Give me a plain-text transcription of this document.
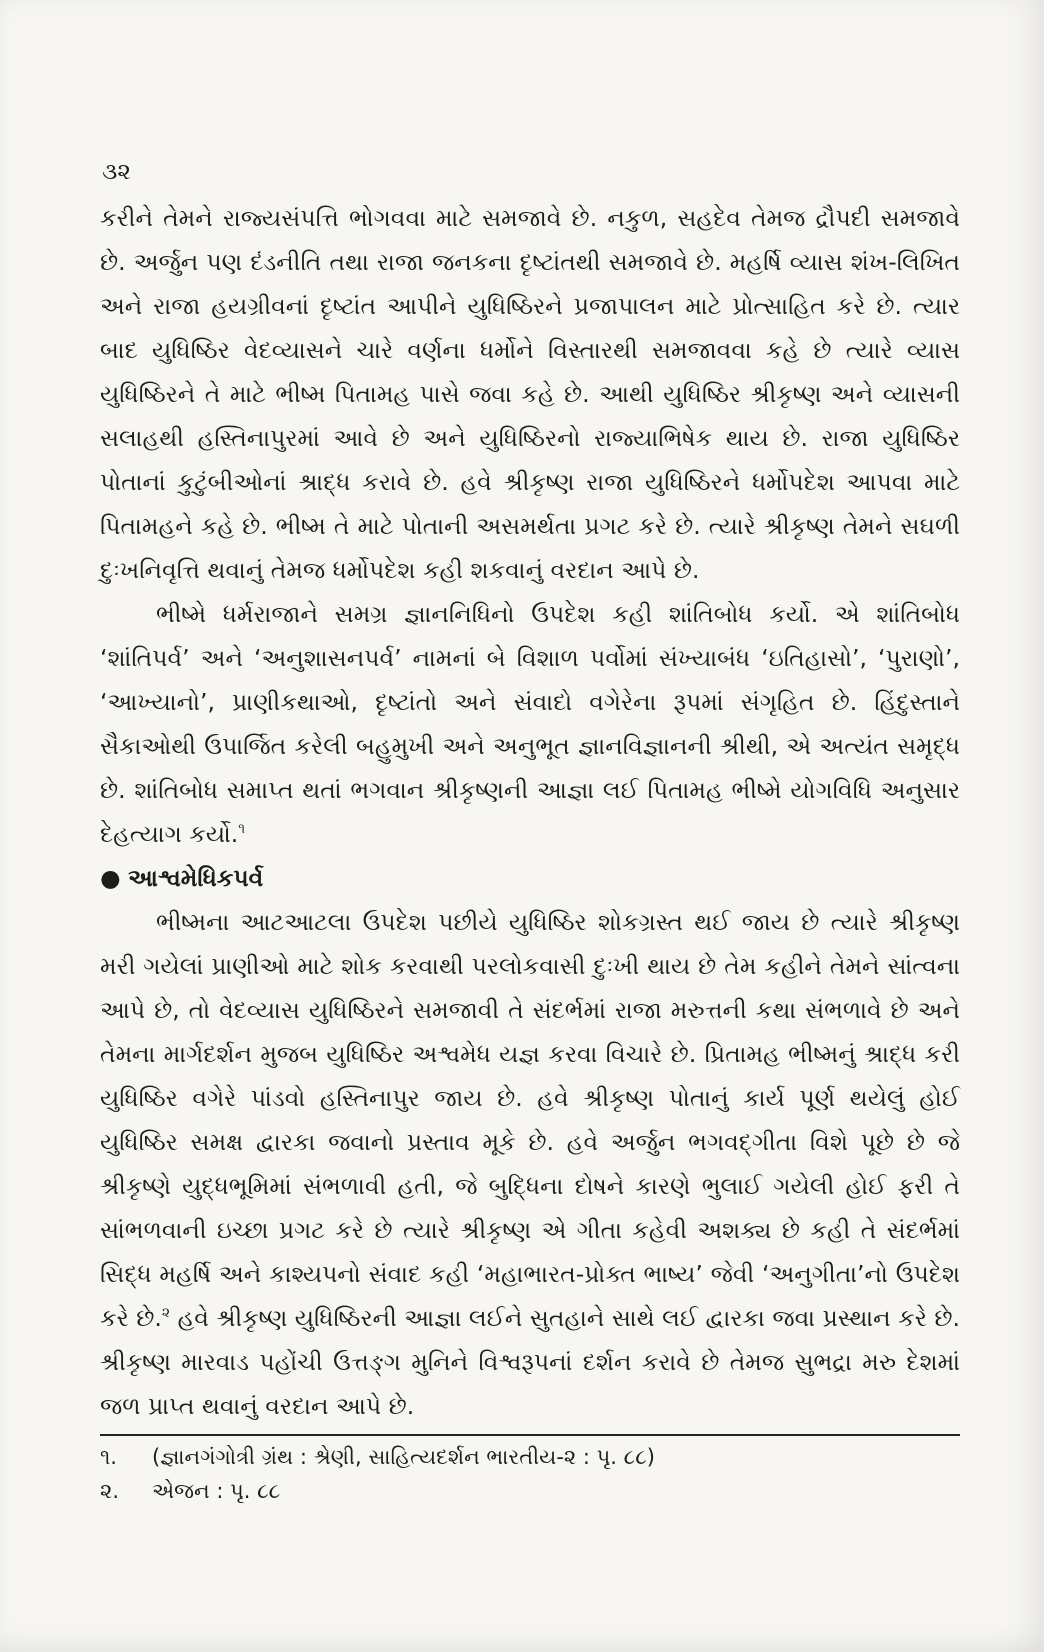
૩૨

કરીને તેમને રાજ્યસંપત્તિ ભોગવવા માટે સમજાવે છે. નકુળ, સહદેવ તેમજ દ્રૌપદી સમજાવે છે. અર્જુન પણ દંડનીતિ તથા રાજા જનકના દૃષ્ટાંતથી સમજાવે છે. મહર્ષિ વ્યાસ શંખ-લિખિત અને રાજા હયગ્રીવનાં દૃષ્ટાંત આપીને યુધિષ્ઠિરને પ્રજાપાલન માટે પ્રોત્સાહિત કરે છે. ત્યાર બાદ યુધિષ્ઠિર વેદવ્યાસને ચારે વર્ણના ધર્મોને વિસ્તારથી સમજાવવા કહે છે ત્યારે વ્યાસ યુધિષ્ઠિરને તે માટે ભીષ્મ પિતામહ પાસે જવા કહે છે. આથી યુધિષ્ઠિર શ્રીકૃષ્ણ અને વ્યાસની સલાહથી હસ્તિનાપુરમાં આવે છે અને યુધિષ્ઠિરનો રાજ્યાભિષેક થાય છે. રાજા યુધિષ્ઠિર પોતાનાં કુટુંબીઓનાં શ્રાદ્ધ કરાવે છે. હવે શ્રીકૃષ્ણ રાજા યુધિષ્ઠિરને ધર્મોપદેશ આપવા માટે પિતામહને કહે છે. ભીષ્મ તે માટે પોતાની અસમર્થતા પ્રગટ કરે છે. ત્યારે શ્રીકૃષ્ણ તેમને સઘળી દુઃખનિવૃત્તિ થવાનું તેમજ ધર્મોપદેશ કહી શકવાનું વરદાન આપે છે.

ભીષ્મે ધર્મરાજાને સમગ્ર જ્ઞાનનિધિનો ઉપદેશ કહી શાંતિબોધ કર્યો. એ શાંતિબોધ ‘શાંતિપર્વ’ અને ‘અનુશાસનપર્વ’ નામનાં બે વિશાળ પર્વોમાં સંખ્યાબંધ ‘ઇતિહાસો’, ‘પુરાણો’, ‘આખ્યાનો’, પ્રાણીકથાઓ, દૃષ્ટાંતો અને સંવાદો વગેરેના રૂપમાં સંગૃહિત છે. હિંદુસ્તાને સૈકાઓથી ઉપાર્જિત કરેલી બહુમુખી અને અનુભૂત જ્ઞાનવિજ્ઞાનની શ્રીથી, એ અત્યંત સમૃદ્ધ છે. શાંતિબોધ સમાપ્ત થતાં ભગવાન શ્રીકૃષ્ણની આજ્ઞા લઈ પિતામહ ભીષ્મે યોગવિધિ અનુસાર દેહત્યાગ કર્યો.$^૧$

● આશ્વમેધિકપર્વ

ભીષ્મના આટઆટલા ઉપદેશ પછીયે યુધિષ્ઠિર શોકગ્રસ્ત થઈ જાય છે ત્યારે શ્રીકૃષ્ણ મરી ગયેલાં પ્રાણીઓ માટે શોક કરવાથી પરલોકવાસી દુઃખી થાય છે તેમ કહીને તેમને સાંત્વના આપે છે, તો વેદવ્યાસ યુધિષ્ઠિરને સમજાવી તે સંદર્ભમાં રાજા મરુત્તની કથા સંભળાવે છે અને તેમના માર્ગદર્શન મુજબ યુધિષ્ઠિર અશ્વમેધ યજ્ઞ કરવા વિચારે છે. પ્રિતામહ ભીષ્મનું શ્રાદ્ધ કરી યુધિષ્ઠિર વગેરે પાંડવો હસ્તિનાપુર જાય છે. હવે શ્રીકૃષ્ણ પોતાનું કાર્ય પૂર્ણ થયેલું હોઈ યુધિષ્ઠિર સમક્ષ દ્વારકા જવાનો પ્રસ્તાવ મૂકે છે. હવે અર્જુન ભગવદ્ગીતા વિશે પૂછે છે જે શ્રીકૃષ્ણે યુદ્ધભૂમિમાં સંભળાવી હતી, જે બુદ્ધિના દોષને કારણે ભુલાઈ ગયેલી હોઈ ફરી તે સાંભળવાની ઇચ્છા પ્રગટ કરે છે ત્યારે શ્રીકૃષ્ણ એ ગીતા કહેવી અશક્ય છે કહી તે સંદર્ભમાં સિદ્ધ મહર્ષિ અને કાશ્યપનો સંવાદ કહી ‘મહાભારત-પ્રોક્ત ભાષ્ય’ જેવી ‘અનુગીતા’નો ઉપદેશ કરે છે.$^૨$ હવે શ્રીકૃષ્ણ યુધિષ્ઠિરની આજ્ઞા લઈને સુતહાને સાથે લઈ દ્વારકા જવા પ્રસ્થાન કરે છે. શ્રીકૃષ્ણ મારવાડ પહોંચી ઉત્તઙ્ગ મુનિને વિશ્વરૂપનાં દર્શન કરાવે છે તેમજ સુભદ્રા મરુ દેશમાં જળ પ્રાપ્ત થવાનું વરદાન આપે છે.

૧. (જ્ઞાનગંગોત્રી ગ્રંથ : શ્રેણી, સાહિત્યદર્શન ભારતીય-૨ : પૃ. ૮૮)

૨. એજન : પૃ. ૮૮
